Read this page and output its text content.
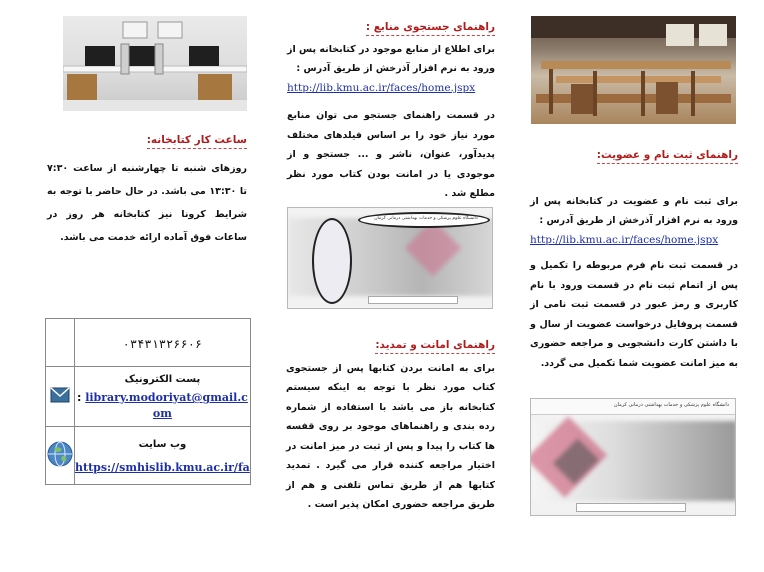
راهنمای ثبت نام و عضویت:
برای ثبت نام و عضویت در کتابخانه پس از ورود به نرم افزار آذرخش از طریق آدرس :
http://lib.kmu.ac.ir/faces/home.jspx
در قسمت ثبت نام فرم مربوطه را تکمیل و پس از اتمام ثبت نام در قسمت ورود با نام کاربری و رمز عبور در قسمت ثبت نامی از قسمت پروفایل درخواست عضویت از سال و با داشتن کارت دانشجویی و مراجعه حضوری به میز امانت عضویت شما تکمیل می گردد.
دانشگاه علوم پزشکی و خدمات بهداشتی درمانی کرمان
راهنمای جستجوی منابع :
برای اطلاع از منابع موجود در کتابخانه پس از ورود به نرم افزار آذرخش از طریق آدرس :
http://lib.kmu.ac.ir/faces/home.jspx
در قسمت راهنمای جستجو می توان منابع مورد نیاز خود را بر اساس فیلدهای مختلف پدیدآور، عنوان، ناشر و ... جستجو و از موجودی یا در امانت بودن کتاب مورد نظر مطلع شد .
دانشگاه علوم پزشکی و خدمات بهداشتی درمانی کرمان
راهنمای امانت و تمدید:
برای به امانت بردن کتابها پس از جستجوی کتاب مورد نظر با توجه به اینکه سیستم کتابخانه باز می باشد با استفاده از شماره رده بندی و راهنماهای موجود بر روی قفسه ها کتاب را پیدا و پس از ثبت در میز امانت در اختیار مراجعه کننده قرار می گیرد . تمدید کتابها هم از طریق تماس تلفنی و هم از طریق مراجعه حضوری امکان پذیر است .
ساعت کار کتابخانه:
روزهای شنبه تا چهارشنبه از ساعت ۷:۳۰ تا ۱۳:۳۰ می باشد. در حال حاضر با توجه به شرایط کرونا نیز کتابخانه هر روز در ساعات فوق آماده ارائه خدمت می باشد.
	۰۳۴۳۱۳۲۶۶۰۶

پست الکترونیک
: library.modoriyat@gmail.com

وب سایت
https://smhislib.kmu.ac.ir/fa
